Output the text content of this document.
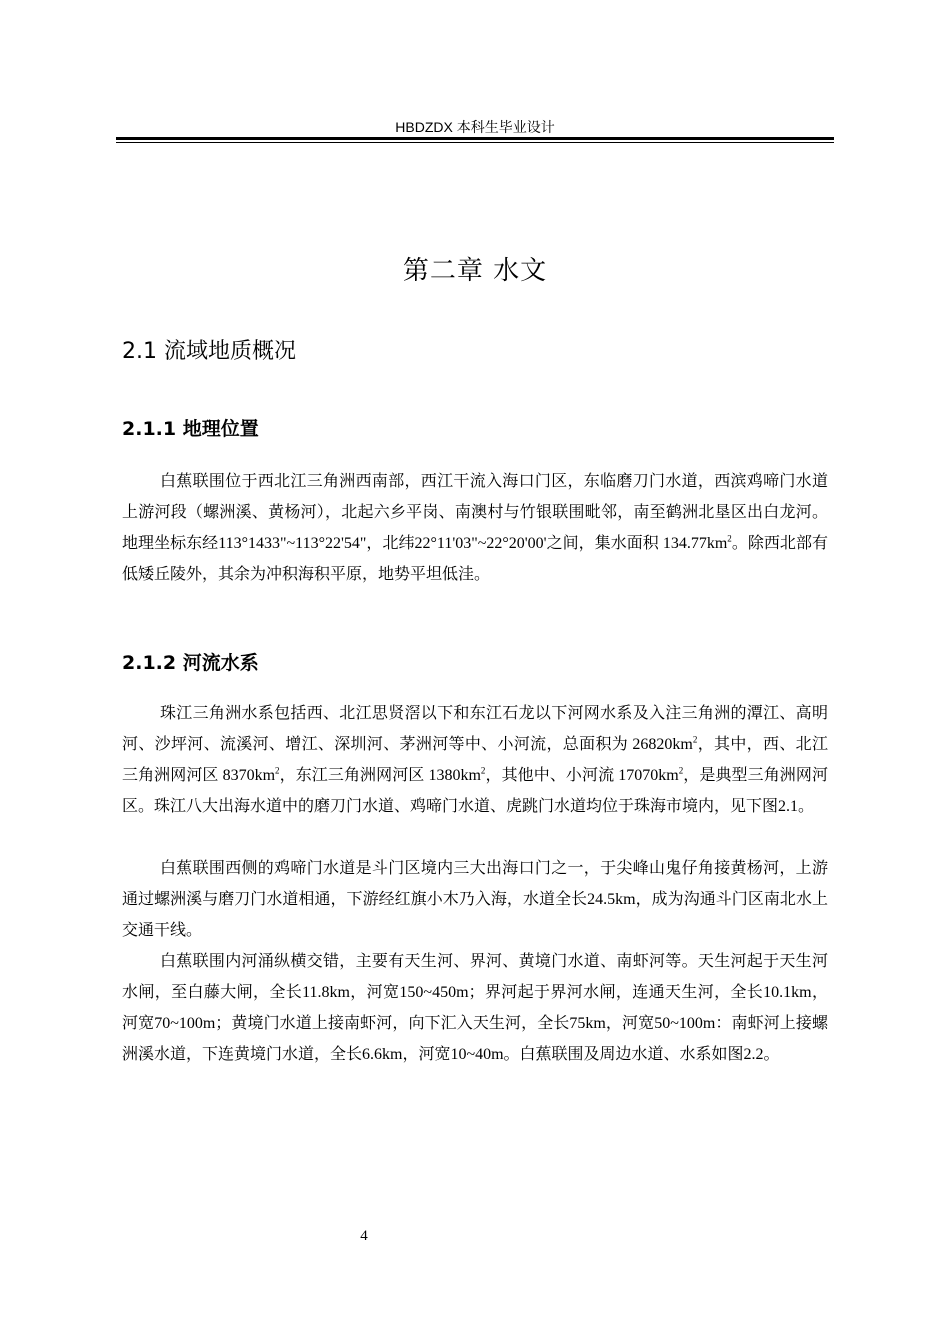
HBDZDX 本科生毕业设计
第二章 水文
2.1 流域地质概况
2.1.1 地理位置

白蕉联围位于西北江三角洲西南部，西江干流入海口门区，东临磨刀门水道，西滨鸡啼门水道上游河段（螺洲溪、黄杨河），北起六乡平岗、南澳村与竹银联围毗邻，南至鹤洲北垦区出白龙河。地理坐标东经113°1433"~113°22'54"，北纬22°11'03"~22°20'00'之间，集水面积 $134.77km^2$。除西北部有低矮丘陵外，其余为冲积海积平原，地势平坦低洼。

2.1.2 河流水系

珠江三角洲水系包括西、北江思贤滘以下和东江石龙以下河网水系及入注三角洲的潭江、高明河、沙坪河、流溪河、增江、深圳河、茅洲河等中、小河流，总面积为 $26820km^2$，其中，西、北江三角洲网河区 $8370km^2$，东江三角洲网河区 $1380km^2$，其他中、小河流 $17070km^2$，是典型三角洲网河区。珠江八大出海水道中的磨刀门水道、鸡啼门水道、虎跳门水道均位于珠海市境内，见下图2.1。

白蕉联围西侧的鸡啼门水道是斗门区境内三大出海口门之一，于尖峰山鬼仔角接黄杨河，上游通过螺洲溪与磨刀门水道相通，下游经红旗小木乃入海，水道全长24.5km，成为沟通斗门区南北水上交通干线。

白蕉联围内河涌纵横交错，主要有天生河、界河、黄境门水道、南虾河等。天生河起于天生河水闸，至白藤大闸，全长11.8km，河宽150~450m；界河起于界河水闸，连通天生河，全长10.1km，河宽70~100m；黄境门水道上接南虾河，向下汇入天生河，全长75km，河宽50~100m：南虾河上接螺洲溪水道，下连黄境门水道，全长6.6km，河宽10~40m。白蕉联围及周边水道、水系如图2.2。

4
